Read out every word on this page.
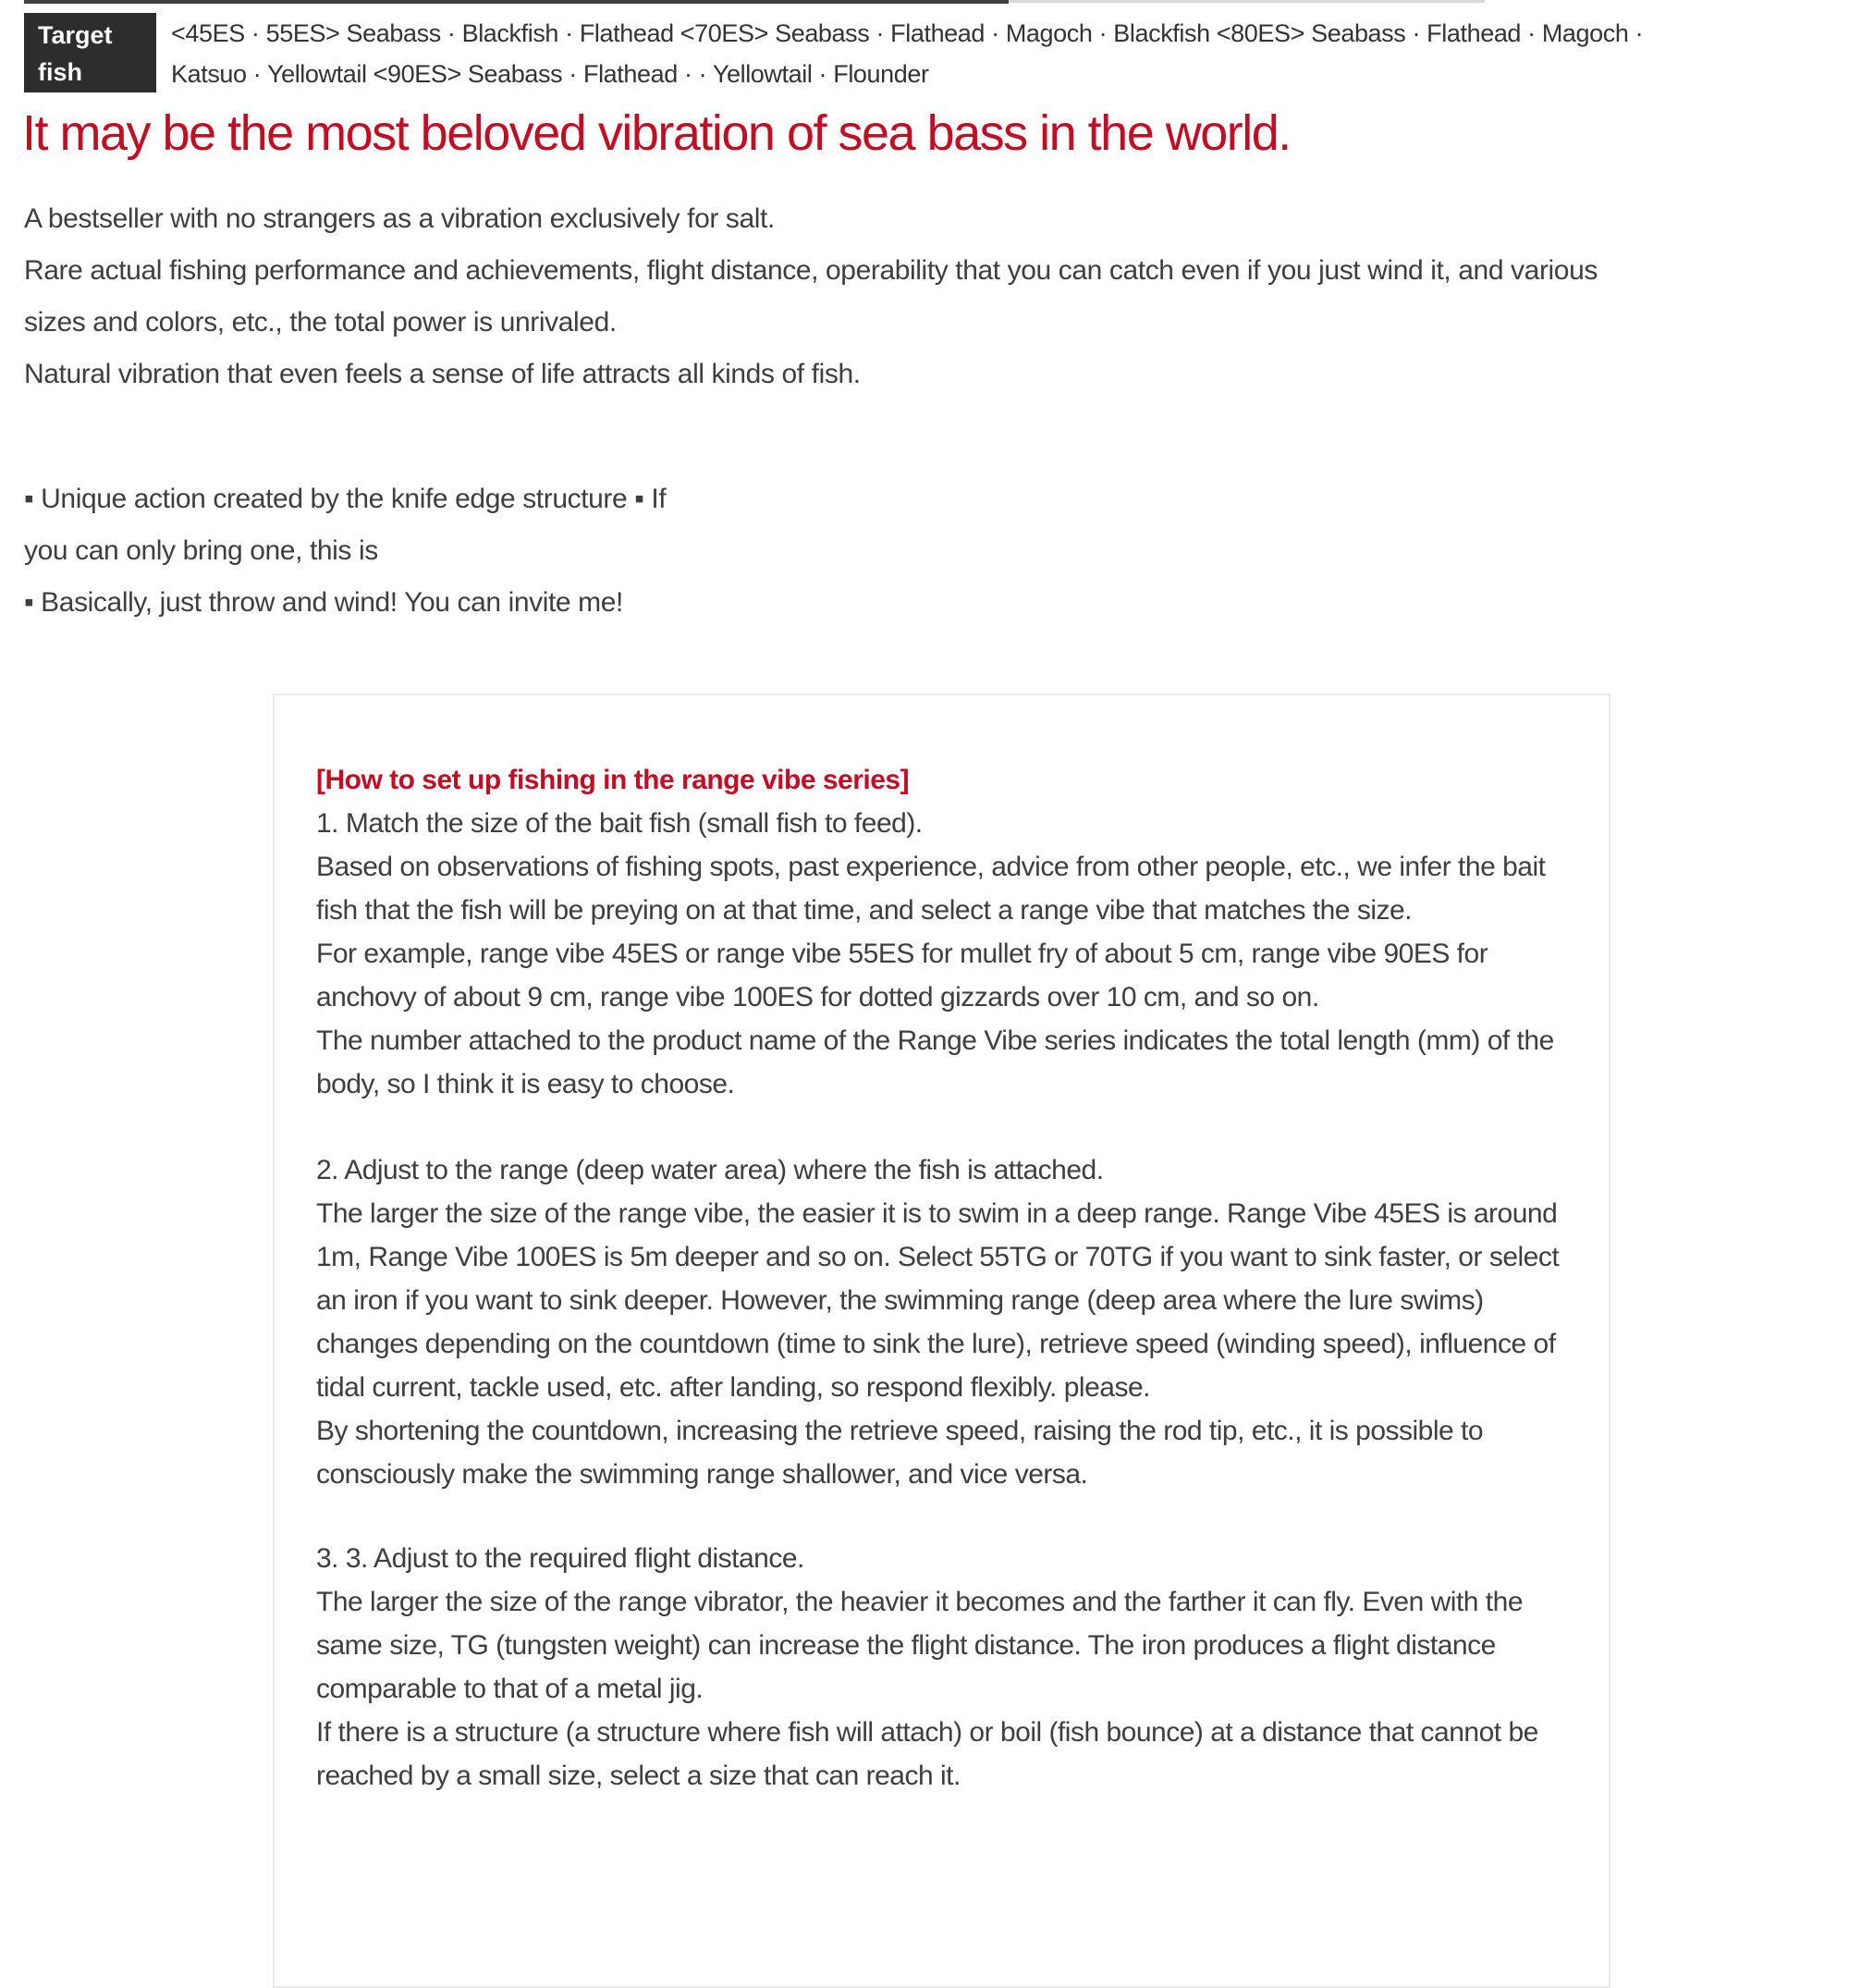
Target fish
<45ES · 55ES> Seabass · Blackfish · Flathead <70ES> Seabass · Flathead · Magoch · Blackfish <80ES> Seabass · Flathead · Magoch ·
Katsuo · Yellowtail <90ES> Seabass · Flathead · · Yellowtail · Flounder
It may be the most beloved vibration of sea bass in the world.
A bestseller with no strangers as a vibration exclusively for salt.
Rare actual fishing performance and achievements, flight distance, operability that you can catch even if you just wind it, and various
sizes and colors, etc., the total power is unrivaled.
Natural vibration that even feels a sense of life attracts all kinds of fish.
▪ Unique action created by the knife edge structure ▪ If
you can only bring one, this is
▪ Basically, just throw and wind! You can invite me!
[How to set up fishing in the range vibe series]
1. Match the size of the bait fish (small fish to feed).
Based on observations of fishing spots, past experience, advice from other people, etc., we infer the bait
fish that the fish will be preying on at that time, and select a range vibe that matches the size.
For example, range vibe 45ES or range vibe 55ES for mullet fry of about 5 cm, range vibe 90ES for
anchovy of about 9 cm, range vibe 100ES for dotted gizzards over 10 cm, and so on.
The number attached to the product name of the Range Vibe series indicates the total length (mm) of the
body, so I think it is easy to choose.
2. Adjust to the range (deep water area) where the fish is attached.
The larger the size of the range vibe, the easier it is to swim in a deep range. Range Vibe 45ES is around
1m, Range Vibe 100ES is 5m deeper and so on. Select 55TG or 70TG if you want to sink faster, or select
an iron if you want to sink deeper. However, the swimming range (deep area where the lure swims)
changes depending on the countdown (time to sink the lure), retrieve speed (winding speed), influence of
tidal current, tackle used, etc. after landing, so respond flexibly. please.
By shortening the countdown, increasing the retrieve speed, raising the rod tip, etc., it is possible to
consciously make the swimming range shallower, and vice versa.
3. 3. Adjust to the required flight distance.
The larger the size of the range vibrator, the heavier it becomes and the farther it can fly. Even with the
same size, TG (tungsten weight) can increase the flight distance. The iron produces a flight distance
comparable to that of a metal jig.
If there is a structure (a structure where fish will attach) or boil (fish bounce) at a distance that cannot be
reached by a small size, select a size that can reach it.
